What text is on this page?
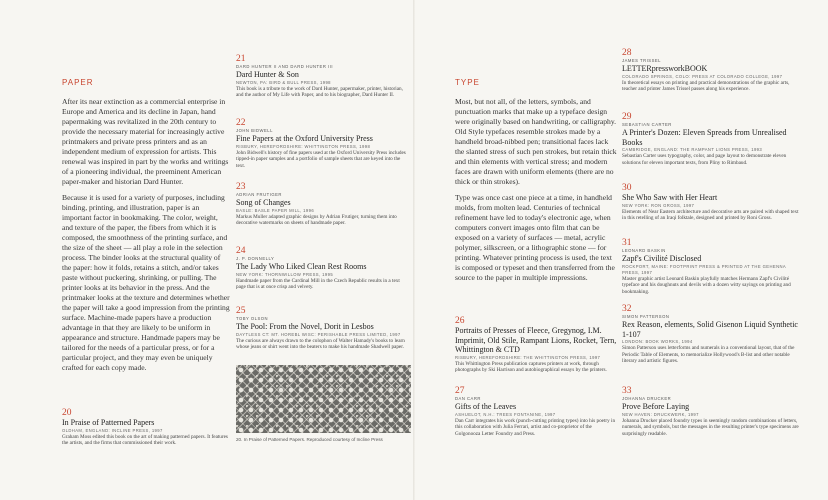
PAPER

After its near extinction as a commercial enterprise in Europe and America and its decline in Japan, hand papermaking was revitalized in the 20th century to provide the necessary material for increasingly active printmakers and private press printers and as an independent medium of expression for artists. This renewal was inspired in part by the works and writings of a pioneering individual, the preeminent American paper-maker and historian Dard Hunter.

Because it is used for a variety of purposes, including binding, printing, and illustration, paper is an important factor in bookmaking. The color, weight, and texture of the paper, the fibers from which it is composed, the smoothness of the printing surface, and the size of the sheet — all play a role in the selection process. The binder looks at the structural quality of the paper: how it folds, retains a stitch, and/or takes paste without puckering, shrinking, or pulling. The printer looks at its behavior in the press. And the printmaker looks at the texture and determines whether the paper will take a good impression from the printing surface. Machine-made papers have a production advantage in that they are likely to be uniform in appearance and structure. Handmade papers may be tailored for the needs of a particular press, or for a particular project, and they may even be uniquely crafted for each copy made.

20
In Praise of Patterned Papers
OLDHAM, ENGLAND: INCLINE PRESS, 1997
Graham Moss edited this book on the art of making patterned papers. It features the artists, and the firms that commissioned their work.
21
DARD HUNTER II AND DARD HUNTER III
Dard Hunter & Son
NEWTON, PA: BIRD & BULL PRESS, 1998
This book is a tribute to the work of Dard Hunter, papermaker, printer, historian, and the author of My Life with Paper, and to his biographer, Dard Hunter II.
22
JOHN BIDWELL
Fine Papers at the Oxford University Press
RISBURY, HEREFORDSHIRE: WHITTINGTON PRESS, 1998
John Bidwell's history of fine papers used at the Oxford University Press includes tipped-in paper samples and a portfolio of sample sheets that are keyed into the text.
23
ADRIAN FRUTIGER
Song of Changes
BASLE: BASLE PAPER MILL, 1996
Markus Muller adapted graphic designs by Adrian Frutiger, turning them into decorative watermarks on sheets of handmade paper.
24
J. P. DONNELLY
The Lady Who Liked Clean Rest Rooms
NEW YORK: THORNWILLOW PRESS, 1995
Handmade paper from the Cardinal Mill in the Czech Republic results in a text page that is at once crisp and velvety.
25
TOBY OLSON
The Pool: From the Novel, Dorit in Lesbos
DAYTLESS CT: MT. HOREBL WISC: PERISHABLE PRESS LIMITED, 1997
The curious are always drawn to the colophon of Walter Hamady's books to learn whose jeans or shirt went into the beaters to make his handmade Shadwell paper.
20. In Praise of Patterned Papers. Reproduced courtesy of Incline Press
TYPE

Most, but not all, of the letters, symbols, and punctuation marks that make up a typeface design were originally based on handwriting, or calligraphy. Old Style typefaces resemble strokes made by a handheld broad-nibbed pen; transitional faces lack the slanted stress of such pen strokes, but retain thick and thin elements with vertical stress; and modern faces are drawn with uniform elements (there are no thick or thin strokes).

Type was once cast one piece at a time, in handheld molds, from molten lead. Centuries of technical refinement have led to today's electronic age, when computers convert images onto film that can be exposed on a variety of surfaces — metal, acrylic polymer, silkscreen, or a lithographic stone — for printing. Whatever printing process is used, the text is composed or typeset and then transferred from the source to the paper in multiple impressions.

26
Portraits of Presses of Fleece, Gregynog, I.M. Imprimit, Old Stile, Rampant Lions, Rocket, Tern, Whittington & CTD
RISBURY, HEREFORDSHIRE: THE WHITTINGTON PRESS, 1997
This Whittington Press publication captures printers at work, through photographs by Ski Harrison and autobiographical essays by the printers.
27
DAN CARR
Gifts of the Leaves
ASHUELOT, N.H.: TREES FONTANINE, 1997
Dan Carr integrates his work (punch-cutting printing types) into his poetry in this collaboration with Julia Ferrari, artist and co-proprietor of the Golgonooza Letter Foundry and Press.
28
JAMES TRISSEL
LETTERpressworkBOOK
COLORADO SPRINGS, COLO: PRESS AT COLORADO COLLEGE, 1997
In theoretical essays on printing and practical demonstrations of the graphic arts, teacher and printer James Trissel passes along his experience.
29
SEBASTIAN CARTER
A Printer's Dozen: Eleven Spreads from Unrealised Books
CAMBRIDGE, ENGLAND: THE RAMPANT LIONS PRESS, 1993
Sebastian Carter uses typography, color, and page layout to demonstrate eleven solutions for eleven important texts, from Pliny to Rimbaud.
30
She Who Saw with Her Heart
NEW YORK: RON GROSS, 1997
Elements of Near Eastern architecture and decorative arts are paired with shaped text in this retelling of an Iraqi folktale, designed and printed by Roni Gross.
31
LEONARD BASKIN
Zapf's Civilité Disclosed
ROCKPORT, MAINE: FOOTPRINT PRESS & PRINTED AT THE GEHENNA PRESS, 1997
Master graphic artist Leonard Baskin playfully matches Hermann Zapf's Civilité typeface and his doughnuts and devils with a dozen witty sayings on printing and bookmaking.
32
SIMON PATTERSON
Rex Reason, elements, Solid Gisenon Liquid Synthetic 1-107
LONDON: BOOK WORKS, 1994
Simon Patterson uses letterforms and numerals in a conventional layout, that of the Periodic Table of Elements, to memorialize Hollywood's B-list and other notable literary and artistic figures.
33
JOHANNA DRUCKER
Prove Before Laying
NEW HAVEN: DRUCKWERK, 1997
Johanna Drucker placed foundry types in seemingly random combinations of letters, numerals, and symbols, but the messages in the resulting printer's type specimens are surprisingly readable.
